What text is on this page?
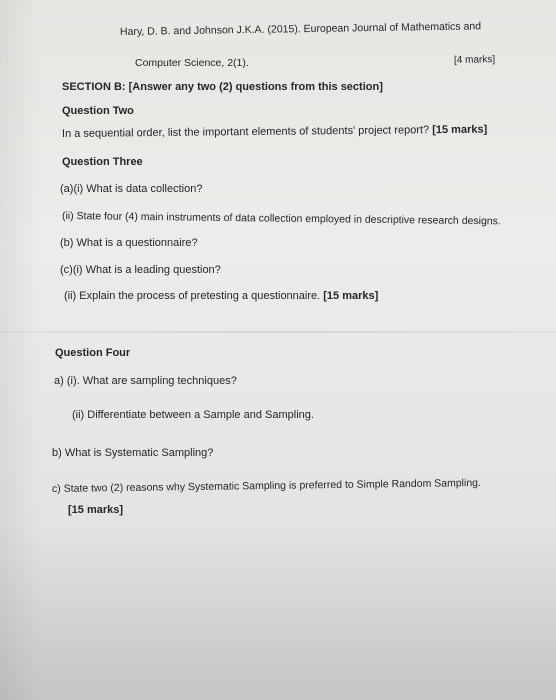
Hary, D. B. and Johnson J.K.A. (2015). European Journal of Mathematics and
Computer Science, 2(1).	[4 marks]
SECTION B: [Answer any two (2) questions from this section]
Question Two
In a sequential order, list the important elements of students' project report? [15 marks]
Question Three
(a)(i) What is data collection?
(ii) State four (4) main instruments of data collection employed in descriptive research designs.
(b) What is a questionnaire?
(c)(i) What is a leading question?
(ii) Explain the process of pretesting a questionnaire. [15 marks]
Question Four
a) (i). What are sampling techniques?
(ii) Differentiate between a Sample and Sampling.
b) What is Systematic Sampling?
c) State two (2) reasons why Systematic Sampling is preferred to Simple Random Sampling.
[15 marks]
